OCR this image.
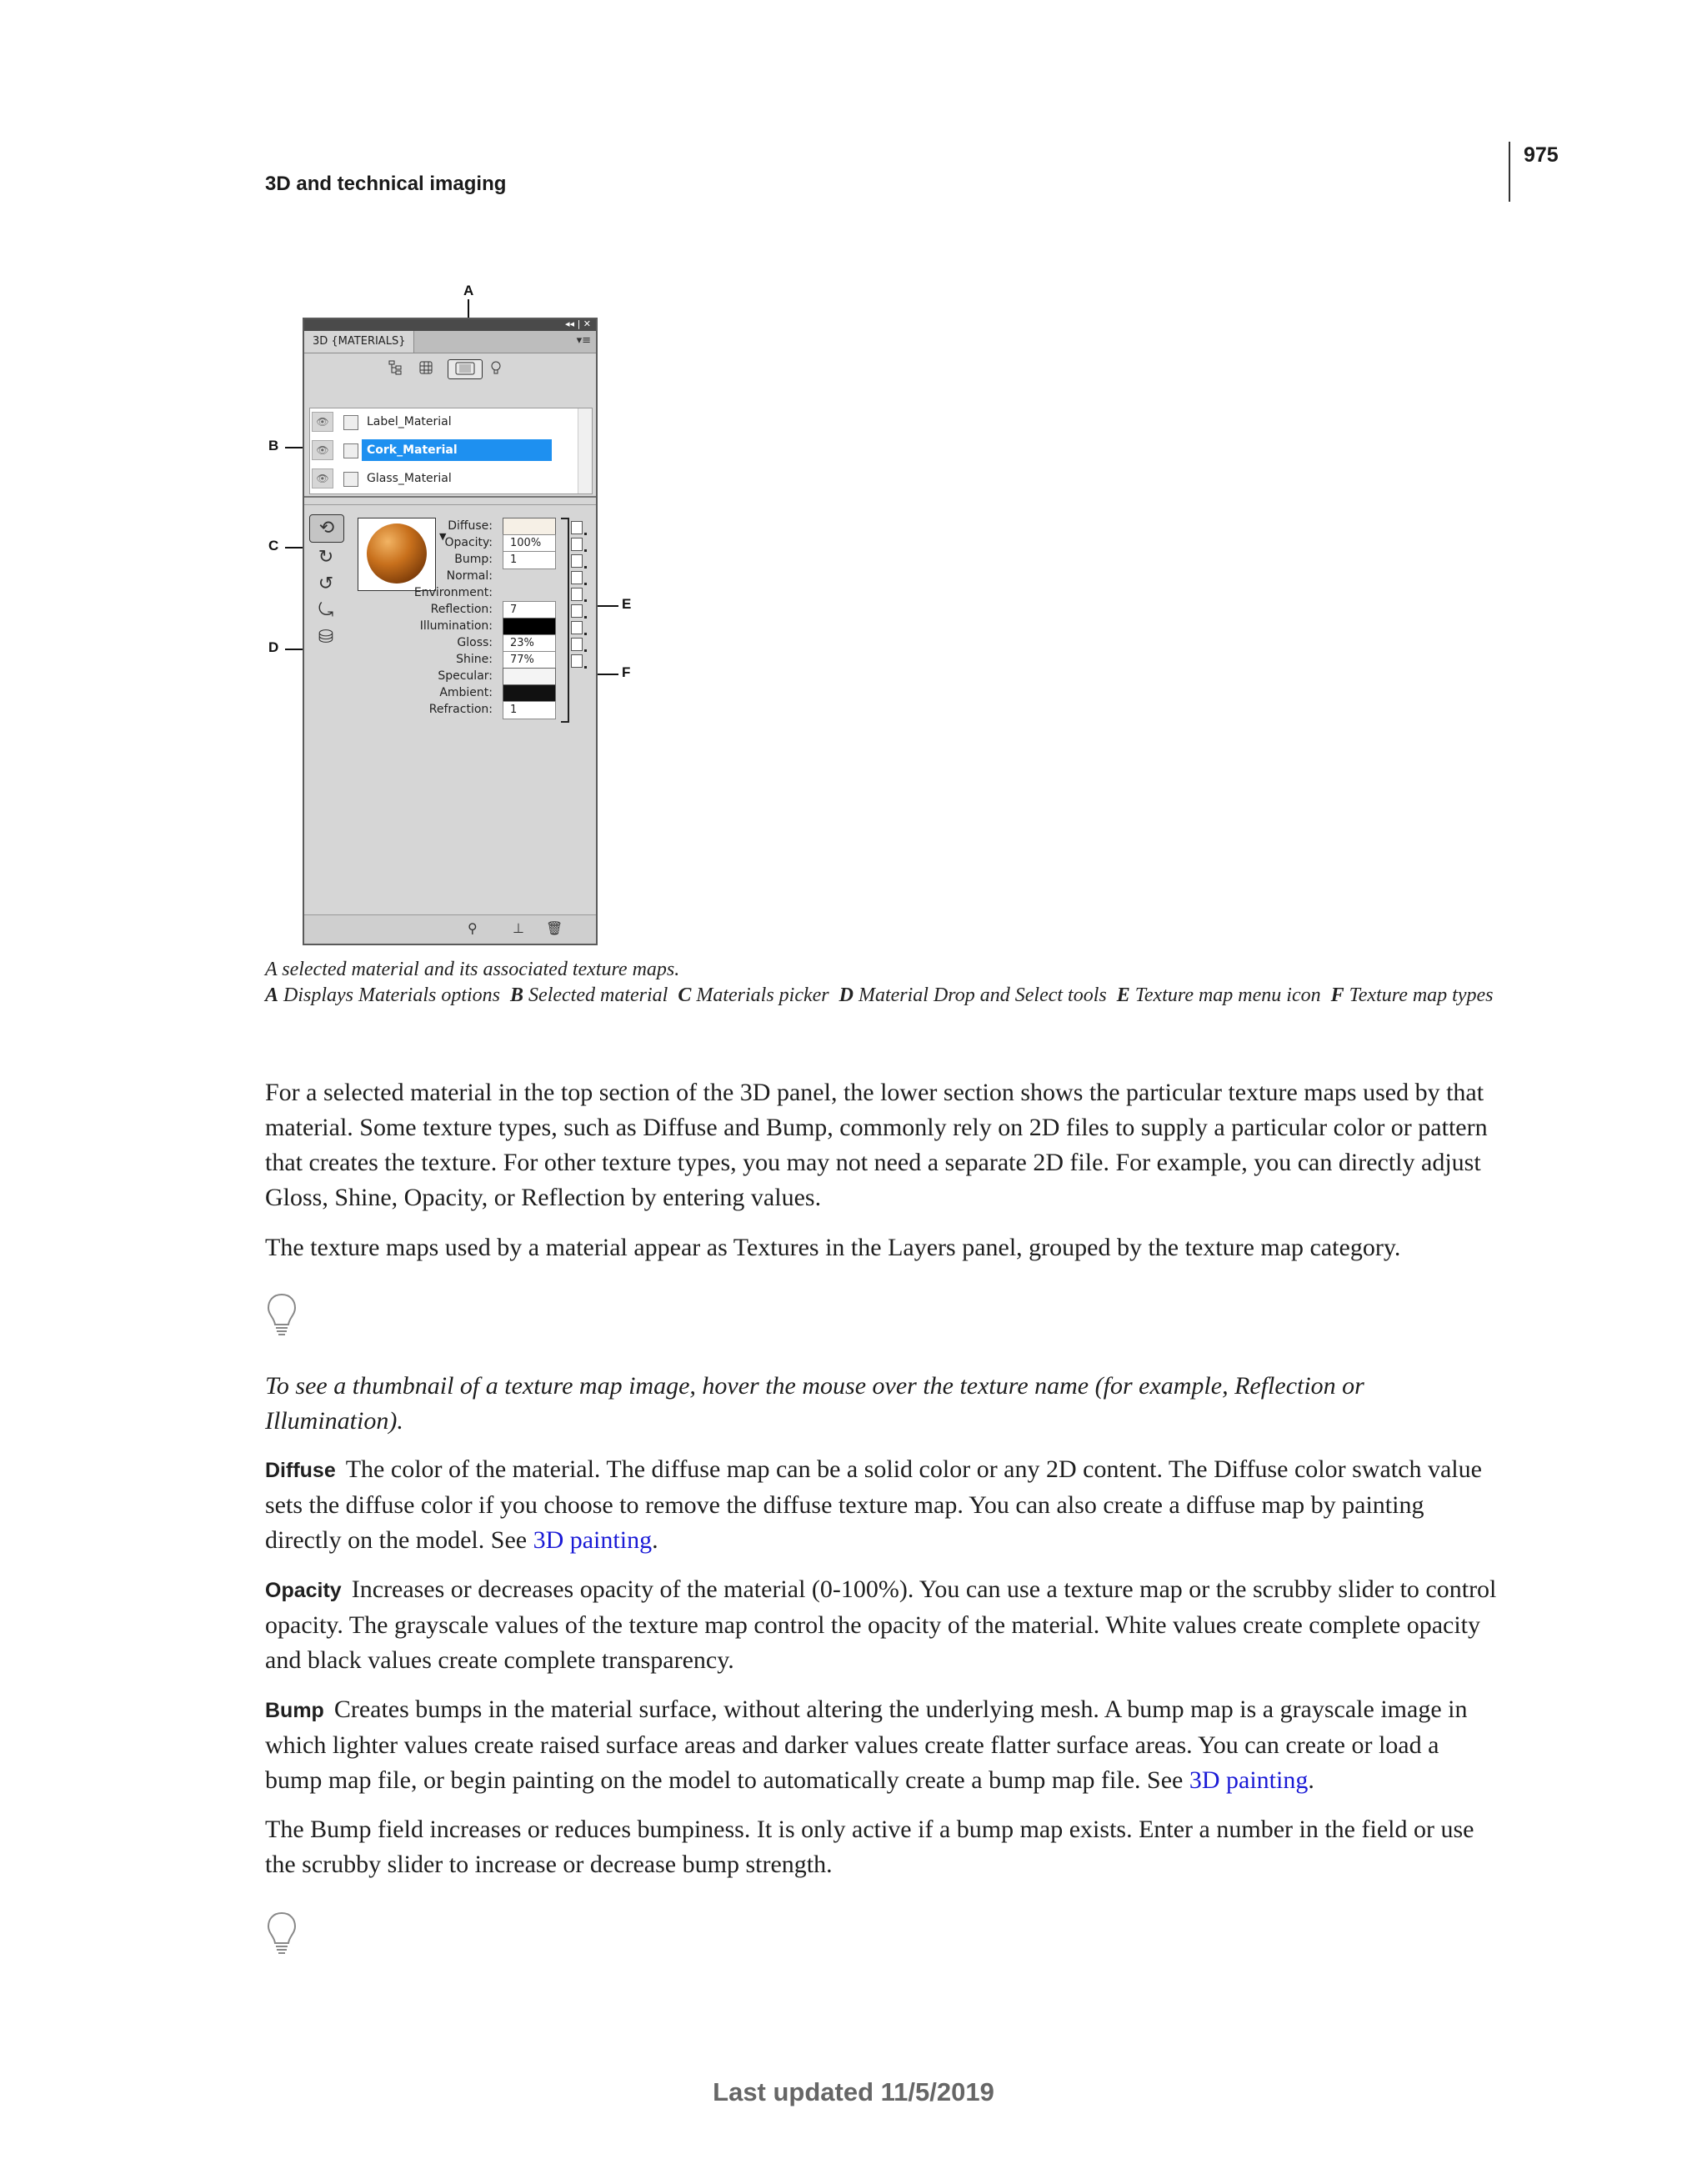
3D and technical imaging
975
A
B
C
D
E
F
◂◂ | ✕
3D {MATERIALS}	▾≡
👁	Label_Material
👁	Cork_Material
👁	Glass_Material
⟲
↻
↺
⤿
⛁
▼
Diffuse:
Opacity:	100%
Bump:	1
Normal:
Environment:
Reflection:	7
Illumination:
Gloss:	23%
Shine:	77%
Specular:
Ambient:
Refraction:	1
⚲	⊥ 🗑
A selected material and its associated texture maps.
A Displays Materials options B Selected material C Materials picker D Material Drop and Select tools E Texture map menu icon F Texture map types
For a selected material in the top section of the 3D panel, the lower section shows the particular texture maps used by that material. Some texture types, such as Diffuse and Bump, commonly rely on 2D files to supply a particular color or pattern that creates the texture. For other texture types, you may not need a separate 2D file. For example, you can directly adjust Gloss, Shine, Opacity, or Reflection by entering values.
The texture maps used by a material appear as Textures in the Layers panel, grouped by the texture map category.
To see a thumbnail of a texture map image, hover the mouse over the texture name (for example, Reflection or Illumination).
Diffuse The color of the material. The diffuse map can be a solid color or any 2D content. The Diffuse color swatch value sets the diffuse color if you choose to remove the diffuse texture map. You can also create a diffuse map by painting directly on the model. See 3D painting.
Opacity Increases or decreases opacity of the material (0-100%). You can use a texture map or the scrubby slider to control opacity. The grayscale values of the texture map control the opacity of the material. White values create complete opacity and black values create complete transparency.
Bump Creates bumps in the material surface, without altering the underlying mesh. A bump map is a grayscale image in which lighter values create raised surface areas and darker values create flatter surface areas. You can create or load a bump map file, or begin painting on the model to automatically create a bump map file. See 3D painting.
The Bump field increases or reduces bumpiness. It is only active if a bump map exists. Enter a number in the field or use the scrubby slider to increase or decrease bump strength.
Last updated 11/5/2019
